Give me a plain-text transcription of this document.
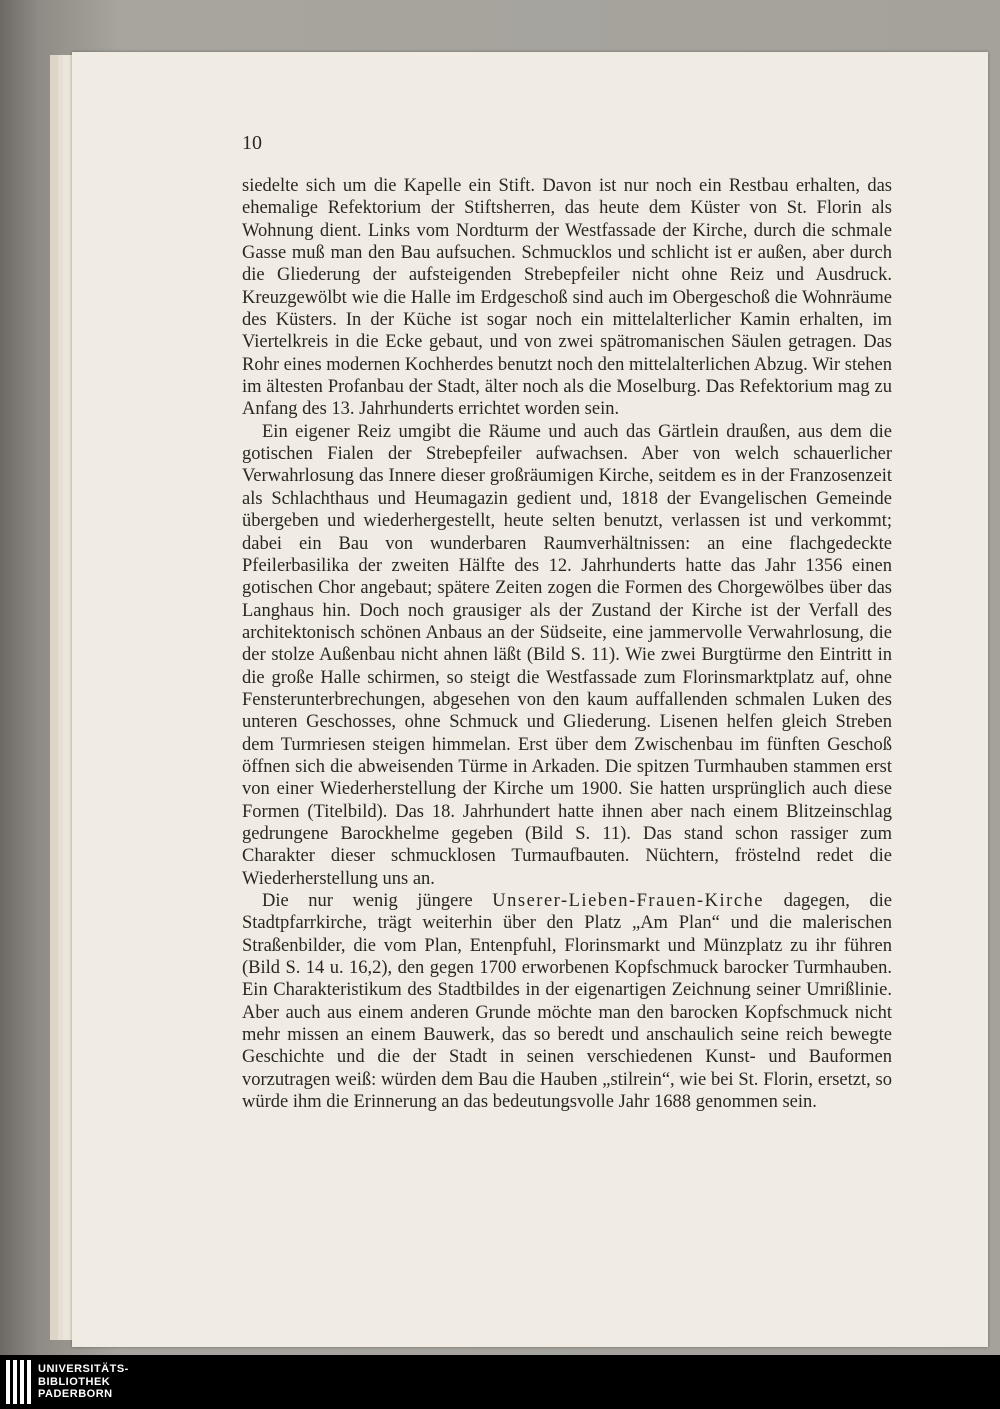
10

siedelte sich um die Kapelle ein Stift. Davon ist nur noch ein Restbau erhalten, das ehemalige Refektorium der Stiftsherren, das heute dem Küster von St. Florin als Wohnung dient. Links vom Nordturm der Westfassade der Kirche, durch die schmale Gasse muß man den Bau aufsuchen. Schmucklos und schlicht ist er außen, aber durch die Gliederung der aufsteigenden Strebepfeiler nicht ohne Reiz und Ausdruck. Kreuzgewölbt wie die Halle im Erdgeschoß sind auch im Obergeschoß die Wohnräume des Küsters. In der Küche ist sogar noch ein mittelalterlicher Kamin erhalten, im Viertelkreis in die Ecke gebaut, und von zwei spätromanischen Säulen getragen. Das Rohr eines modernen Kochherdes benutzt noch den mittelalterlichen Abzug. Wir stehen im ältesten Profanbau der Stadt, älter noch als die Moselburg. Das Refektorium mag zu Anfang des 13. Jahrhunderts errichtet worden sein.

Ein eigener Reiz umgibt die Räume und auch das Gärtlein draußen, aus dem die gotischen Fialen der Strebepfeiler aufwachsen. Aber von welch schauerlicher Verwahrlosung das Innere dieser großräumigen Kirche, seitdem es in der Franzosenzeit als Schlachthaus und Heumagazin gedient und, 1818 der Evangelischen Gemeinde übergeben und wiederhergestellt, heute selten benutzt, verlassen ist und verkommt; dabei ein Bau von wunderbaren Raumverhältnissen: an eine flachgedeckte Pfeilerbasilika der zweiten Hälfte des 12. Jahrhunderts hatte das Jahr 1356 einen gotischen Chor angebaut; spätere Zeiten zogen die Formen des Chorgewölbes über das Langhaus hin. Doch noch grausiger als der Zustand der Kirche ist der Verfall des architektonisch schönen Anbaus an der Südseite, eine jammervolle Verwahrlosung, die der stolze Außenbau nicht ahnen läßt (Bild S. 11). Wie zwei Burgtürme den Eintritt in die große Halle schirmen, so steigt die Westfassade zum Florinsmarktplatz auf, ohne Fensterunterbrechungen, abgesehen von den kaum auffallenden schmalen Luken des unteren Geschosses, ohne Schmuck und Gliederung. Lisenen helfen gleich Streben dem Turmriesen steigen himmelan. Erst über dem Zwischenbau im fünften Geschoß öffnen sich die abweisenden Türme in Arkaden. Die spitzen Turmhauben stammen erst von einer Wiederherstellung der Kirche um 1900. Sie hatten ursprünglich auch diese Formen (Titelbild). Das 18. Jahrhundert hatte ihnen aber nach einem Blitzeinschlag gedrungene Barockhelme gegeben (Bild S. 11). Das stand schon rassiger zum Charakter dieser schmucklosen Turmaufbauten. Nüchtern, fröstelnd redet die Wiederherstellung uns an.

Die nur wenig jüngere Unserer-Lieben-Frauen-Kirche dagegen, die Stadtpfarrkirche, trägt weiterhin über den Platz „Am Plan“ und die malerischen Straßenbilder, die vom Plan, Entenpfuhl, Florinsmarkt und Münzplatz zu ihr führen (Bild S. 14 u. 16,2), den gegen 1700 erworbenen Kopfschmuck barocker Turmhauben. Ein Charakteristikum des Stadtbildes in der eigenartigen Zeichnung seiner Umrißlinie. Aber auch aus einem anderen Grunde möchte man den barocken Kopfschmuck nicht mehr missen an einem Bauwerk, das so beredt und anschaulich seine reich bewegte Geschichte und die der Stadt in seinen verschiedenen Kunst- und Bauformen vorzutragen weiß: würden dem Bau die Hauben „stilrein“, wie bei St. Florin, ersetzt, so würde ihm die Erinnerung an das bedeutungsvolle Jahr 1688 genommen sein.

UNIVERSITÄTS-
BIBLIOTHEK
PADERBORN
